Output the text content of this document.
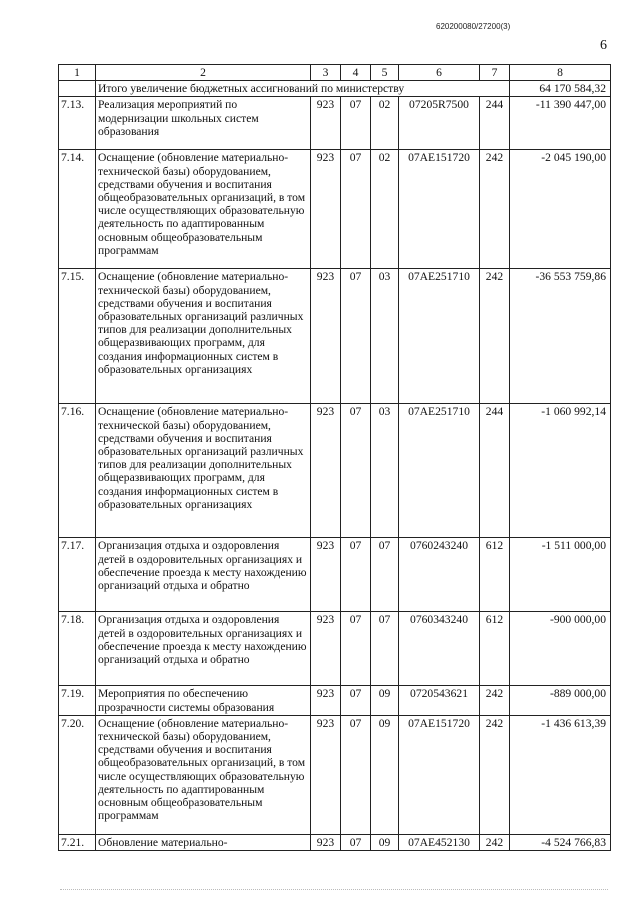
620200080/27200(3)
6
1	2	3	4	5	6	7	8
	Итого увеличение бюджетных ассигнований по министерству						64 170 584,32
7.13.	Реализация мероприятий по модернизации школьных систем образования	923	07	02	07205R7500	244	-11 390 447,00
7.14.	Оснащение (обновление материально-технической базы) оборудованием, средствами обучения и воспитания общеобразовательных организаций, в том числе осуществляющих образовательную деятельность по адаптированным основным общеобразовательным программам	923	07	02	07АЕ151720	242	-2 045 190,00
7.15.	Оснащение (обновление материально-технической базы) оборудованием, средствами обучения и воспитания образовательных организаций различных типов для реализации дополнительных общеразвивающих программ, для создания информационных систем в образовательных организациях	923	07	03	07АЕ251710	242	-36 553 759,86
7.16.	Оснащение (обновление материально-технической базы) оборудованием, средствами обучения и воспитания образовательных организаций различных типов для реализации дополнительных общеразвивающих программ, для создания информационных систем в образовательных организациях	923	07	03	07АЕ251710	244	-1 060 992,14
7.17.	Организация отдыха и оздоровления детей в оздоровительных организациях и обеспечение проезда к месту нахождению организаций отдыха и обратно	923	07	07	0760243240	612	-1 511 000,00
7.18.	Организация отдыха и оздоровления детей в оздоровительных организациях и обеспечение проезда к месту нахождению организаций отдыха и обратно	923	07	07	0760343240	612	-900 000,00
7.19.	Мероприятия по обеспечению прозрачности системы образования	923	07	09	0720543621	242	-889 000,00
7.20.	Оснащение (обновление материально-технической базы) оборудованием, средствами обучения и воспитания общеобразовательных организаций, в том числе осуществляющих образовательную деятельность по адаптированным основным общеобразовательным программам	923	07	09	07АЕ151720	242	-1 436 613,39
7.21.	Обновление материально-	923	07	09	07АЕ452130	242	-4 524 766,83
